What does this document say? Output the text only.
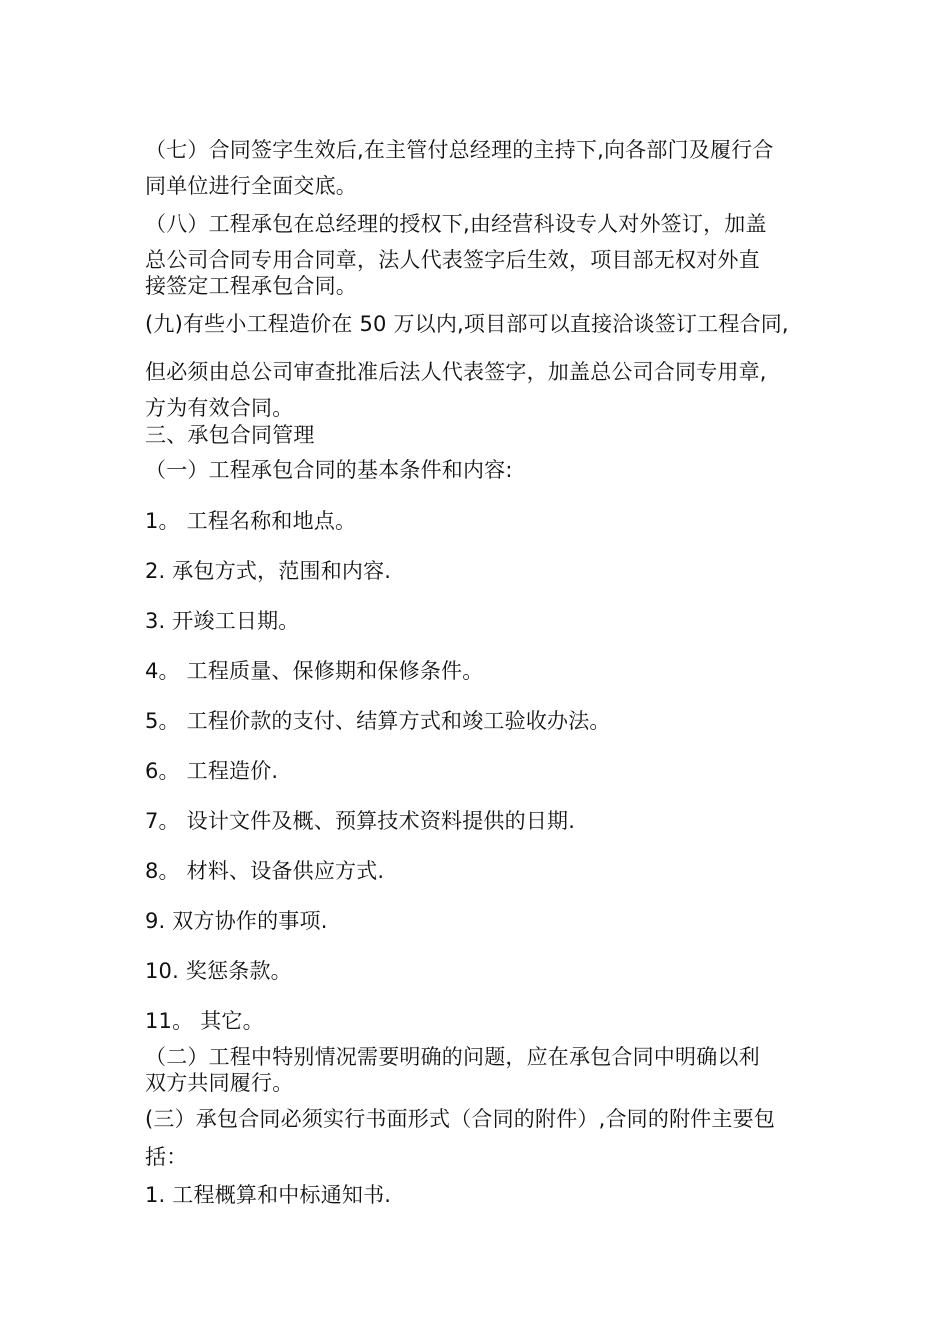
（七）合同签字生效后,在主管付总经理的主持下,向各部门及履行合
同单位进行全面交底。
（八）工程承包在总经理的授权下,由经营科设专人对外签订，加盖
总公司合同专用合同章，法人代表签字后生效，项目部无权对外直
接签定工程承包合同。
(九)有些小工程造价在 50 万以内,项目部可以直接洽谈签订工程合同,
但必须由总公司审查批准后法人代表签字，加盖总公司合同专用章,
方为有效合同。
三、承包合同管理
（一）工程承包合同的基本条件和内容:
1。 工程名称和地点。
2. 承包方式，范围和内容.
3. 开竣工日期。
4。 工程质量、保修期和保修条件。
5。 工程价款的支付、结算方式和竣工验收办法。
6。 工程造价.
7。 设计文件及概、预算技术资料提供的日期.
8。 材料、设备供应方式.
9. 双方协作的事项.
10. 奖惩条款。
11。 其它。
（二）工程中特别情况需要明确的问题，应在承包合同中明确以利
双方共同履行。
(三）承包合同必须实行书面形式（合同的附件）,合同的附件主要包
括：
1. 工程概算和中标通知书.
